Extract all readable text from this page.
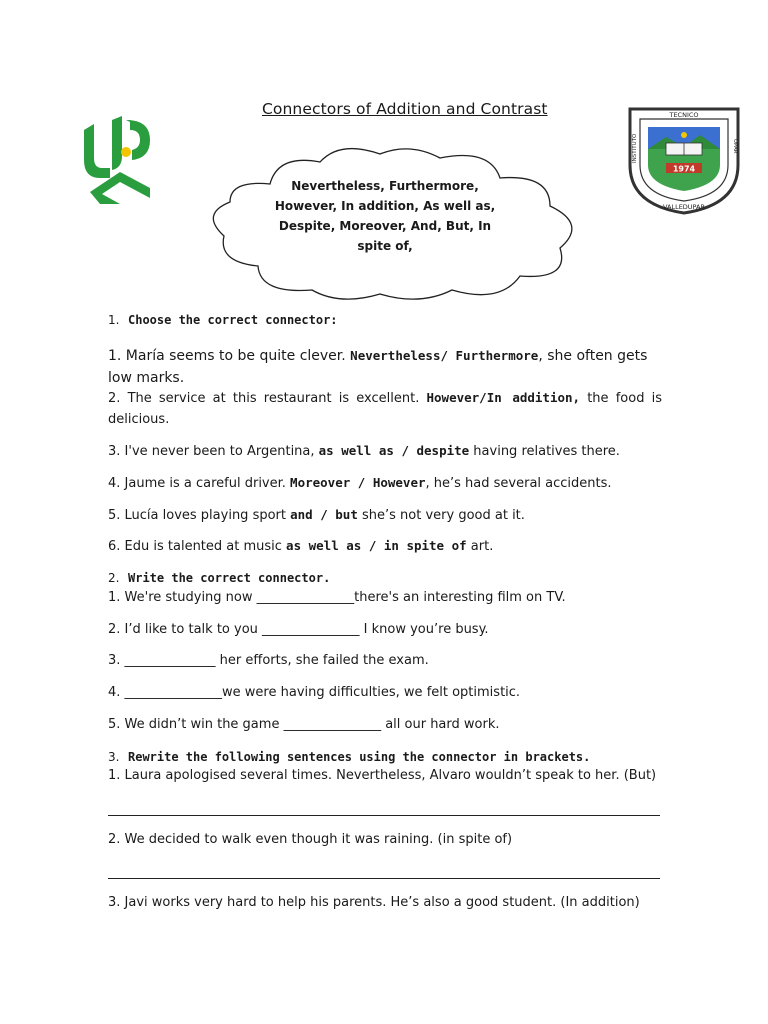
Connectors of Addition and Contrast
1974
TECNICO
INSTITUTO	UPAR
VALLEDUPAR
Nevertheless, Furthermore,
However, In addition, As well as,
Despite, Moreover, And, But, In
spite of,
1. Choose the correct connector:
1. María seems to be quite clever. Nevertheless/ Furthermore, she often gets
low marks.
2. The service at this restaurant is excellent. However/In addition, the food is
delicious.
3. I've never been to Argentina, as well as / despite having relatives there.
4. Jaume is a careful driver. Moreover / However, he’s had several accidents.
5. Lucía loves playing sport and / but she’s not very good at it.
6. Edu is talented at music as well as / in spite of art.
2. Write the correct connector.
1. We're studying now _______________there's an interesting film on TV.
2. I’d like to talk to you _______________ I know you’re busy.
3. ______________ her efforts, she failed the exam.
4. _______________we were having difficulties, we felt optimistic.
5. We didn’t win the game _______________ all our hard work.
3. Rewrite the following sentences using the connector in brackets.
1. Laura apologised several times. Nevertheless, Alvaro wouldn’t speak to her. (But)
2. We decided to walk even though it was raining. (in spite of)
3. Javi works very hard to help his parents. He’s also a good student. (In addition)
